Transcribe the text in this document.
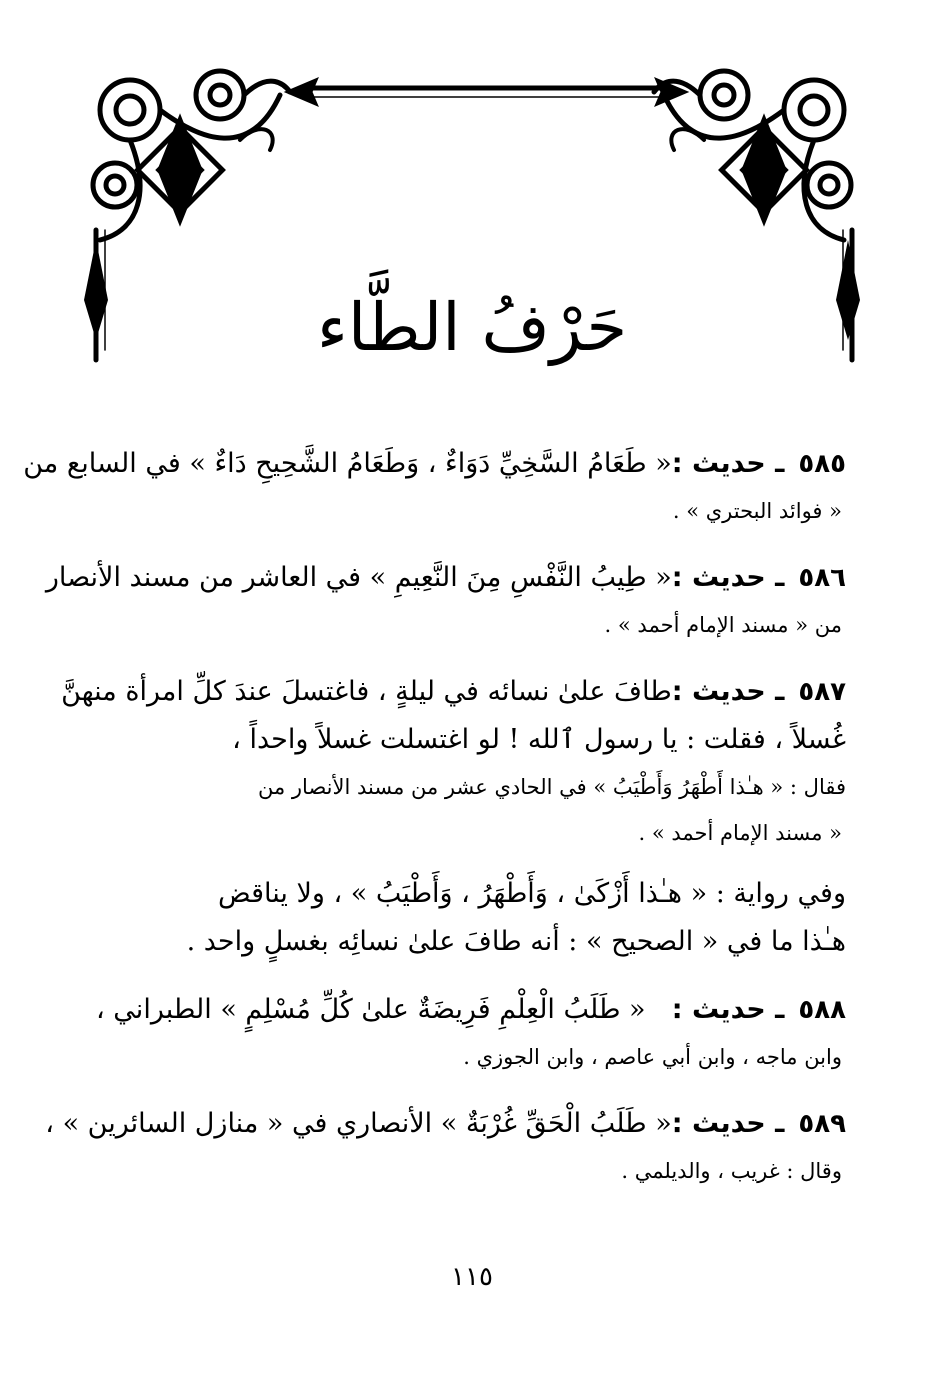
حَرْفُ الطَّاء
٥٨٥ـ حديث :
« طَعَامُ السَّخِيِّ دَوَاءٌ ، وَطَعَامُ الشَّحِيحِ دَاءٌ » في السابع من
« فوائد البحتري » .
٥٨٦ـ حديث :
« طِيبُ النَّفْسِ مِنَ النَّعِيمِ » في العاشر من مسند الأنصار
من « مسند الإمام أحمد » .
٥٨٧ـ حديث :
طافَ علىٰ نسائه في ليلةٍ ، فاغتسلَ عندَ كلِّ امرأة منهنَّ
غُسلاً ، فقلت : يا رسول ٱلله ! لو اغتسلت غسلاً واحداً ،
فقال : « هـٰذا أَطْهَرُ وَأَطْيَبُ » في الحادي عشر من مسند الأنصار من
« مسند الإمام أحمد » .
وفي رواية : « هـٰذا أَزْكَىٰ ، وَأَطْهَرُ ، وَأَطْيَبُ » ، ولا يناقض
هـٰذا ما في « الصحيح » : أنه طافَ علىٰ نسائِه بغسلٍ واحد .
٥٨٨ـ حديث :
« طَلَبُ الْعِلْمِ فَرِيضَةٌ علىٰ كُلِّ مُسْلِمٍ » الطبراني ،
وابن ماجه ، وابن أبي عاصم ، وابن الجوزي .
٥٨٩ـ حديث :
« طَلَبُ الْحَقِّ غُرْبَةٌ » الأنصاري في « منازل السائرين » ،
وقال : غريب ، والديلمي .
١١٥
